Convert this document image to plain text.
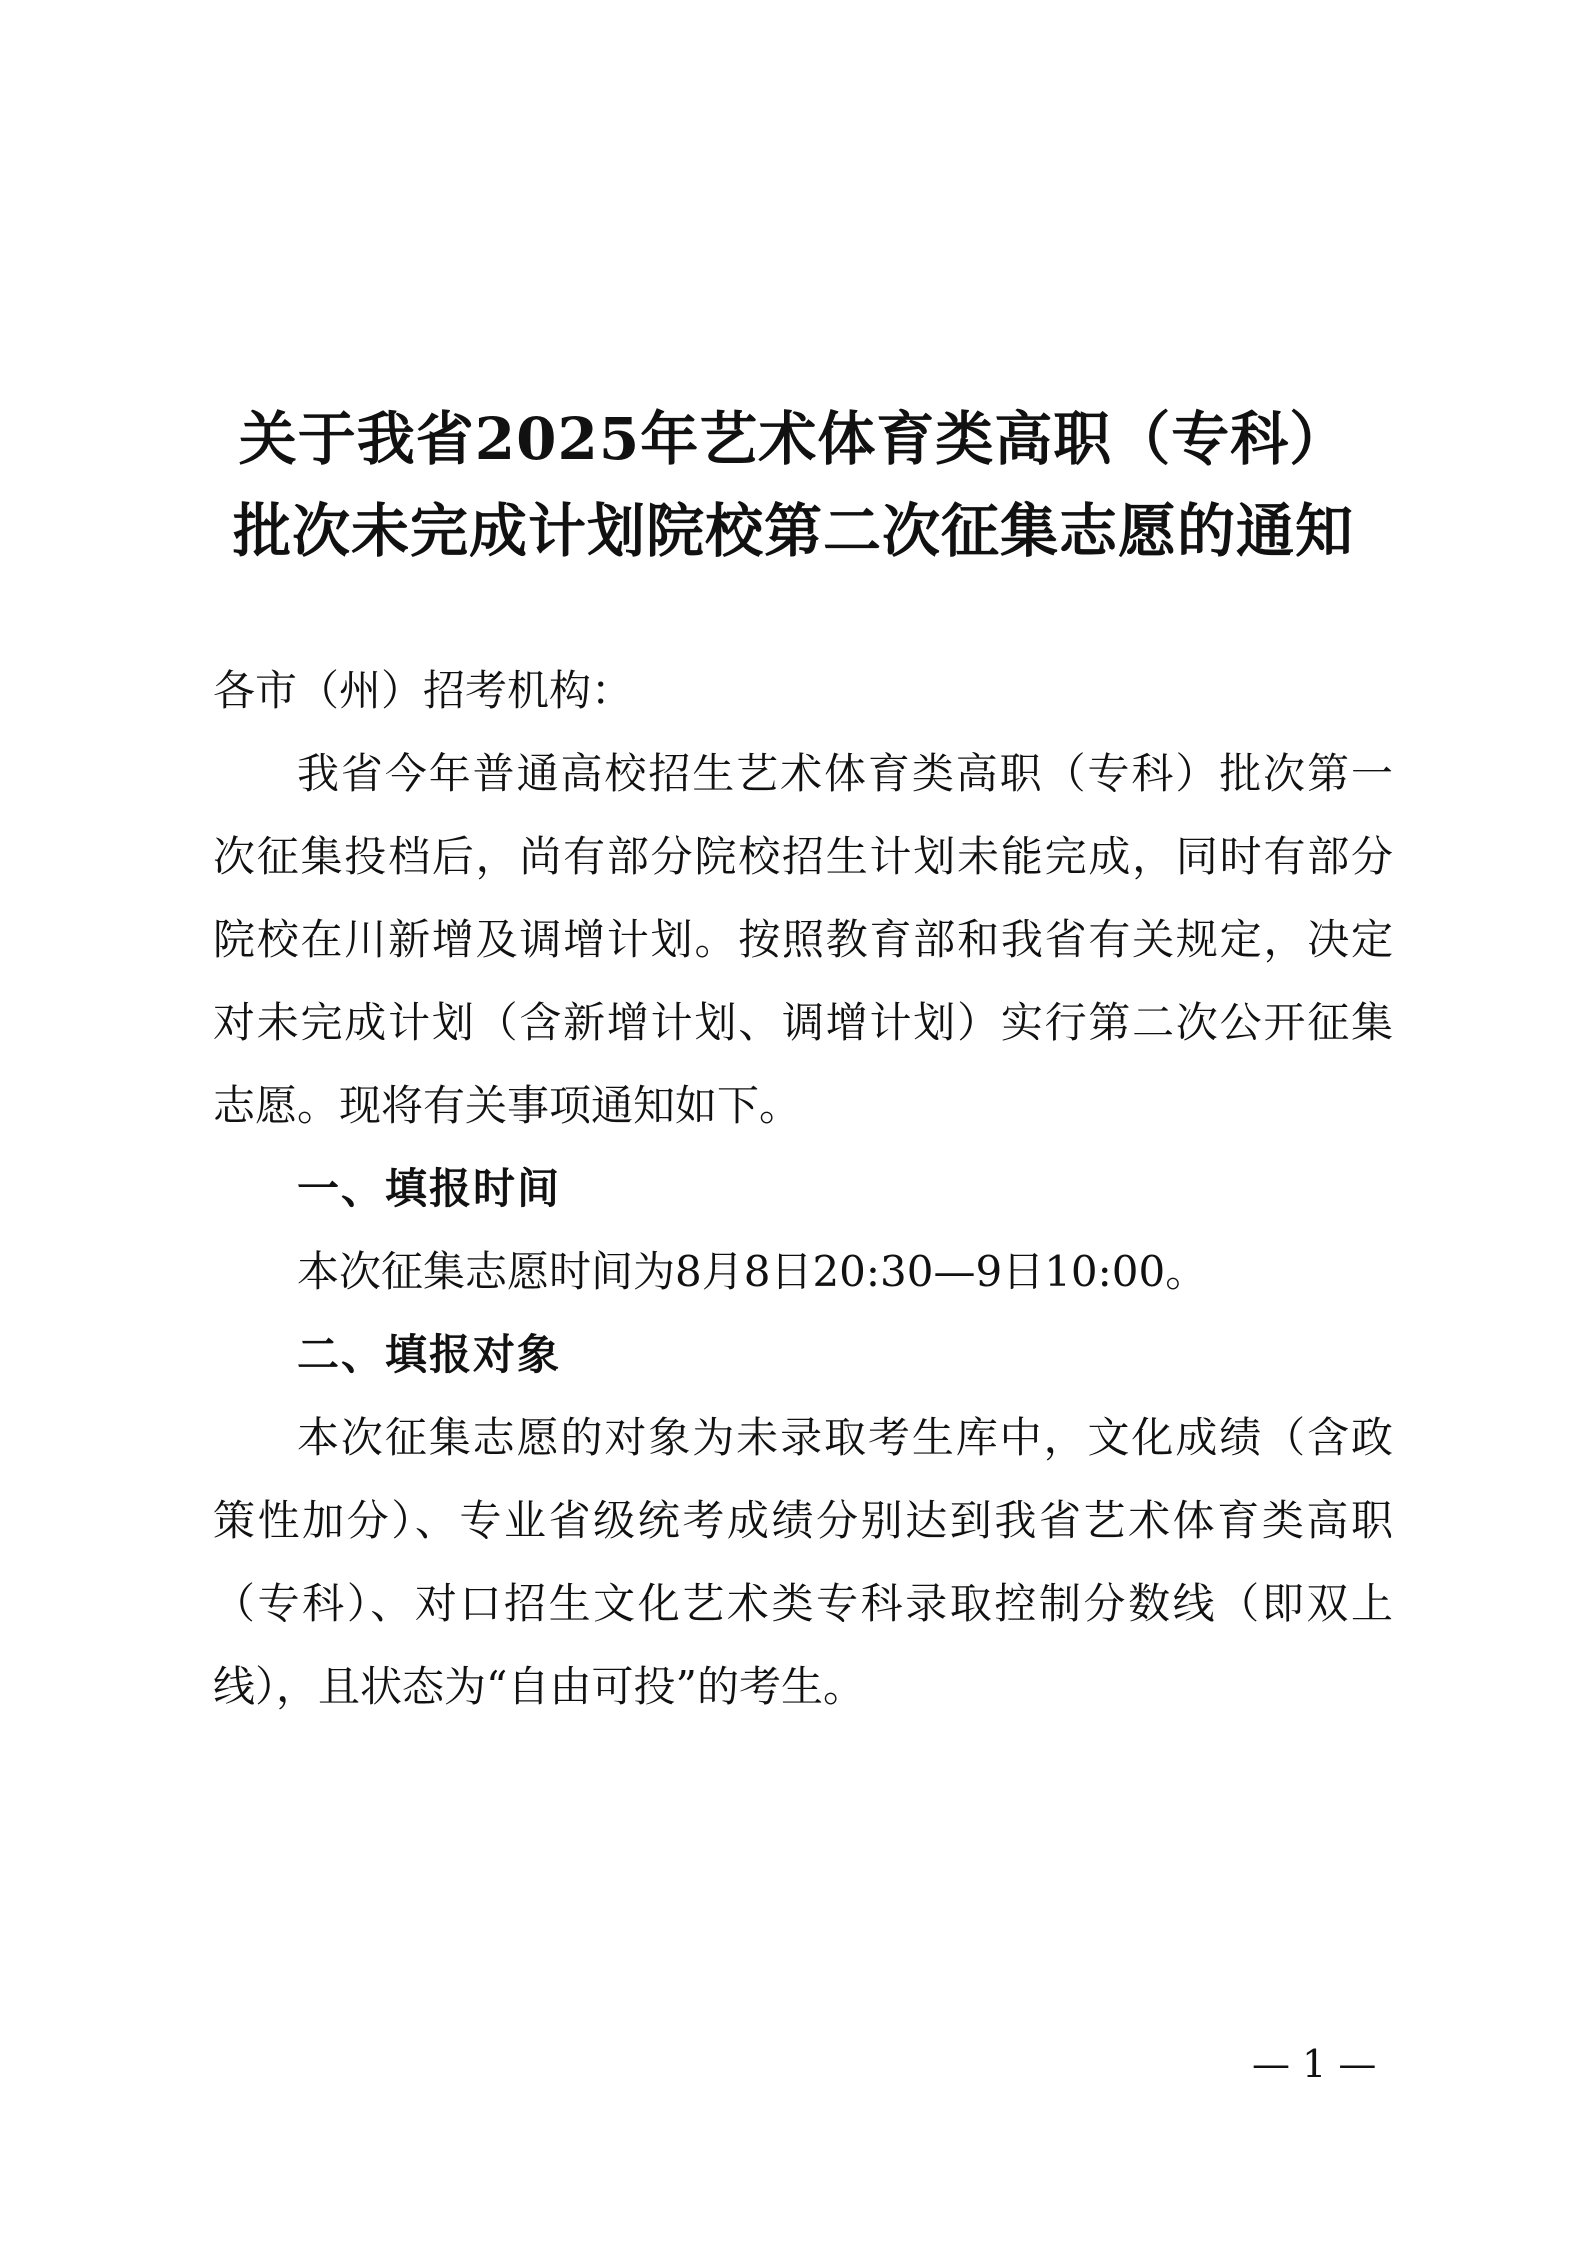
关于我省2025年艺术体育类高职（专科）
批次未完成计划院校第二次征集志愿的通知
各市（州）招考机构：
我省今年普通高校招生艺术体育类高职（专科）批次第一
次征集投档后，尚有部分院校招生计划未能完成，同时有部分
院校在川新增及调增计划。按照教育部和我省有关规定，决定
对未完成计划（含新增计划、调增计划）实行第二次公开征集
志愿。现将有关事项通知如下。
一、填报时间
本次征集志愿时间为8月8日20:30—9日10:00。
二、填报对象
本次征集志愿的对象为未录取考生库中，文化成绩（含政
策性加分）、专业省级统考成绩分别达到我省艺术体育类高职
（专科）、对口招生文化艺术类专科录取控制分数线（即双上
线），且状态为“自由可投”的考生。
— 1 —
